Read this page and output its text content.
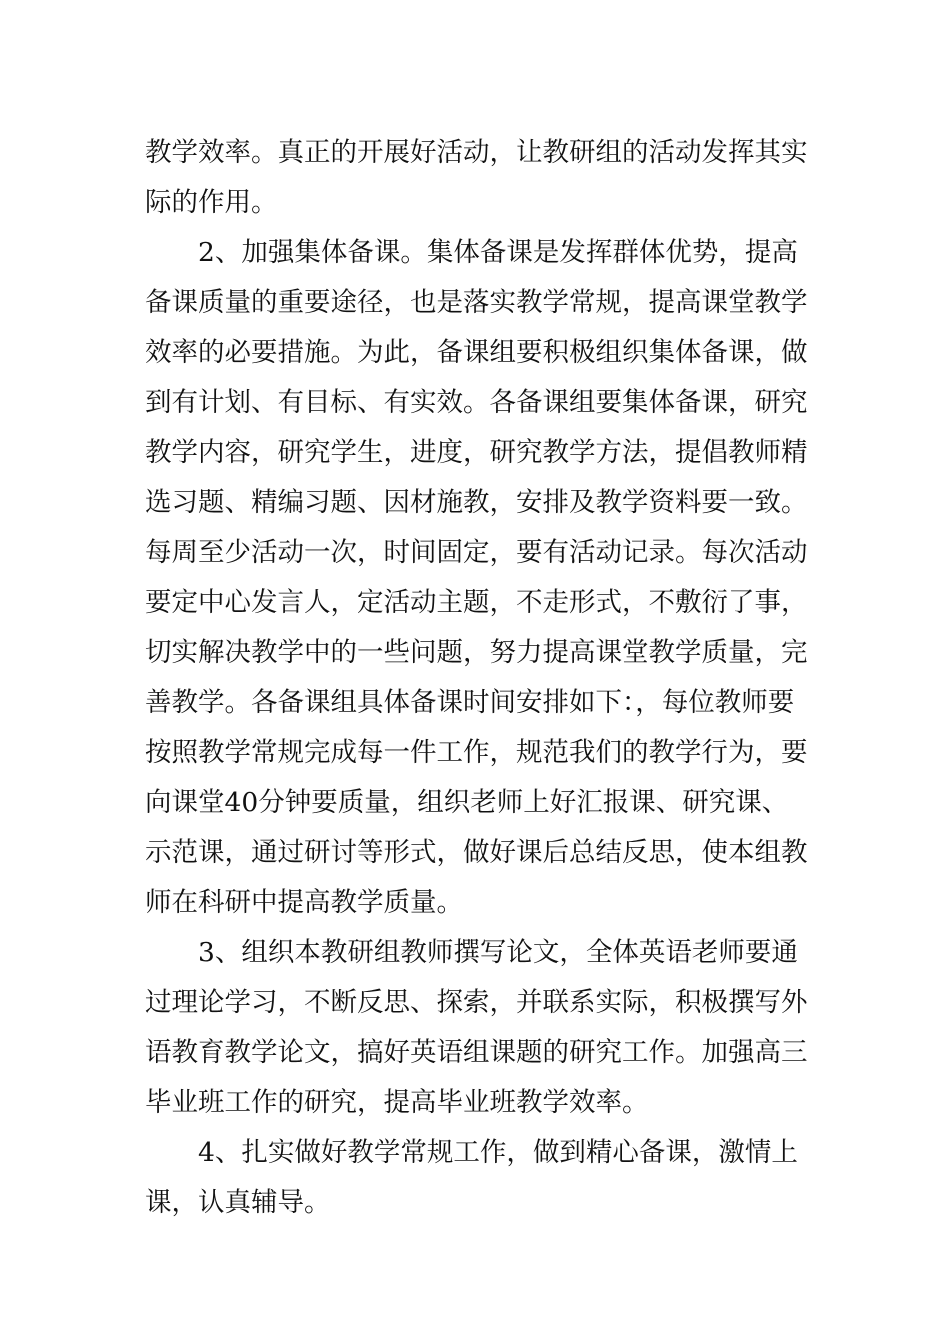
教学效率。真正的开展好活动，让教研组的活动发挥其实
际的作用。
2、加强集体备课。集体备课是发挥群体优势，提高
备课质量的重要途径，也是落实教学常规，提高课堂教学
效率的必要措施。为此，备课组要积极组织集体备课，做
到有计划、有目标、有实效。各备课组要集体备课，研究
教学内容，研究学生，进度，研究教学方法，提倡教师精
选习题、精编习题、因材施教，安排及教学资料要一致。
每周至少活动一次，时间固定，要有活动记录。每次活动
要定中心发言人，定活动主题，不走形式，不敷衍了事，
切实解决教学中的一些问题，努力提高课堂教学质量，完
善教学。各备课组具体备课时间安排如下：，每位教师要
按照教学常规完成每一件工作，规范我们的教学行为，要
向课堂40分钟要质量，组织老师上好汇报课、研究课、
示范课，通过研讨等形式，做好课后总结反思，使本组教
师在科研中提高教学质量。
3、组织本教研组教师撰写论文，全体英语老师要通
过理论学习，不断反思、探索，并联系实际，积极撰写外
语教育教学论文，搞好英语组课题的研究工作。加强高三
毕业班工作的研究，提高毕业班教学效率。
4、扎实做好教学常规工作，做到精心备课，激情上
课，认真辅导。
